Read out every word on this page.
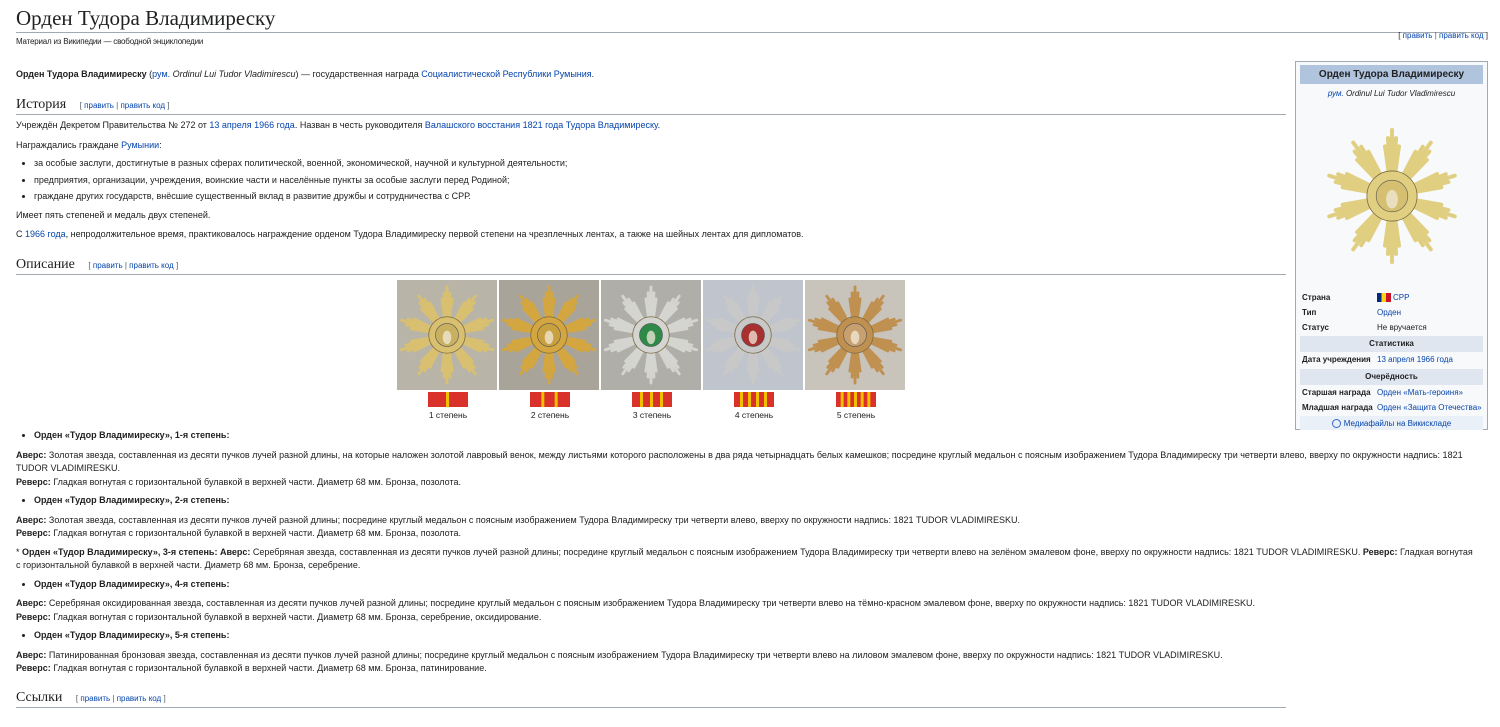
Орден Тудора Владимиреску
Материал из Википедии — свободной энциклопедии
[ править | править код ]

Орден Тудора Владимиреску (рум. Ordinul Lui Tudor Vladimirescu) — государственная награда Социалистической Республики Румыния.

История [ править | править код ]

Учреждён Декретом Правительства № 272 от 13 апреля 1966 года. Назван в честь руководителя Валашского восстания 1821 года Тудора Владимиреску.

Награждались граждане Румынии:

• за особые заслуги, достигнутые в разных сферах политической, военной, экономической, научной и культурной деятельности;
• предприятия, организации, учреждения, воинские части и населённые пункты за особые заслуги перед Родиной;
• граждане других государств, внёсшие существенный вклад в развитие дружбы и сотрудничества с СРР.

Имеет пять степеней и медаль двух степеней.

С 1966 года, непродолжительное время, практиковалось награждение орденом Тудора Владимиреску первой степени на чрезплечных лентах, а также на шейных лентах для дипломатов.

Описание [ править | править код ]
1 степень	2 степень	3 степень	4 степень	5 степень
• Орден «Тудор Владимиреску», 1-я степень:

Аверс: Золотая звезда, составленная из десяти пучков лучей разной длины, на которые наложен золотой лавровый венок, между листьями которого расположены в два ряда четырнадцать белых камешков; посредине круглый медальон с поясным изображением Тудора Владимиреску три четверти влево, вверху по окружности надпись: 1821 TUDOR VLADIMIRESKU.

Реверс: Гладкая вогнутая с горизонтальной булавкой в верхней части. Диаметр 68 мм. Бронза, позолота.

• Орден «Тудор Владимиреску», 2-я степень:

Аверс: Золотая звезда, составленная из десяти пучков лучей разной длины; посредине круглый медальон с поясным изображением Тудора Владимиреску три четверти влево, вверху по окружности надпись: 1821 TUDOR VLADIMIRESKU.

Реверс: Гладкая вогнутая с горизонтальной булавкой в верхней части. Диаметр 68 мм. Бронза, позолота.

* Орден «Тудор Владимиреску», 3-я степень: Аверс: Серебряная звезда, составленная из десяти пучков лучей разной длины; посредине круглый медальон с поясным изображением Тудора Владимиреску три четверти влево на зелёном эмалевом фоне, вверху по окружности надпись: 1821 TUDOR VLADIMIRESKU. Реверс: Гладкая вогнутая с горизонтальной булавкой в верхней части. Диаметр 68 мм. Бронза, серебрение.

• Орден «Тудор Владимиреску», 4-я степень:

Аверс: Серебряная оксидированная звезда, составленная из десяти пучков лучей разной длины; посредине круглый медальон с поясным изображением Тудора Владимиреску три четверти влево на тёмно-красном эмалевом фоне, вверху по окружности надпись: 1821 TUDOR VLADIMIRESKU.

Реверс: Гладкая вогнутая с горизонтальной булавкой в верхней части. Диаметр 68 мм. Бронза, серебрение, оксидирование.

• Орден «Тудор Владимиреску», 5-я степень:

Аверс: Патинированная бронзовая звезда, составленная из десяти пучков лучей разной длины; посредине круглый медальон с поясным изображением Тудора Владимиреску три четверти влево на лиловом эмалевом фоне, вверху по окружности надпись: 1821 TUDOR VLADIMIRESKU.

Реверс: Гладкая вогнутая с горизонтальной булавкой в верхней части. Диаметр 68 мм. Бронза, патинирование.

Ссылки [ править | править код ]
Орден Тудора Владимиреску
рум. Ordinul Lui Tudor Vladimirescu
Страна	СРР
Тип	Орден
Статус	Не вручается
Статистика
Дата учреждения 13 апреля 1966 года
Очерёдность
Старшая награда Орден «Мать-героиня»
Младшая награда Орден «Защита Отечества»
Медиафайлы на Викискладе
